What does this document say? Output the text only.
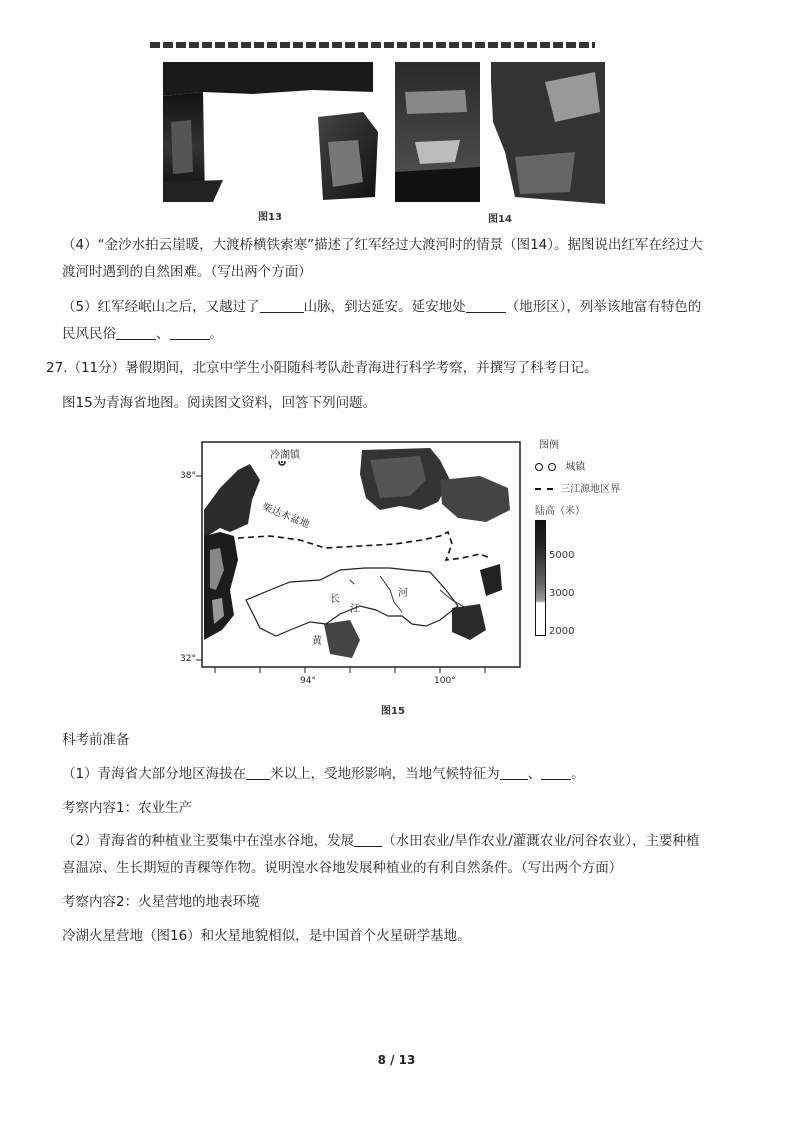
图13	图14
（4）“金沙水拍云崖暖，大渡桥横铁索寒”描述了红军经过大渡河时的情景（图14）。据图说出红军在经过大
渡河时遇到的自然困难。（写出两个方面）
（5）红军经岷山之后，又越过了	山脉，到达延安。延安地处	（地形区），列举该地富有特色的
民风民俗	、	。
27.（11分）暑假期间，北京中学生小阳随科考队赴青海进行科学考察，并撰写了科考日记。
图15为青海省地图。阅读图文资料，回答下列问题。
38°
32°
94°	100°
冷湖镇
柴达木盆地
长
江
河
黄
图例
城镇
三江源地区界
陆高（米）
5000
3000
2000
图15
科考前准备
（1）青海省大部分地区海拔在 米以上，受地形影响，当地气候特征为 、 。
考察内容1：农业生产
（2）青海省的种植业主要集中在湟水谷地，发展 （水田农业/旱作农业/灌溉农业/河谷农业），主要种植
喜温凉、生长期短的青稞等作物。说明湟水谷地发展种植业的有利自然条件。（写出两个方面）
考察内容2：火星营地的地表环境
冷湖火星营地（图16）和火星地貌相似，是中国首个火星研学基地。
8 / 13
